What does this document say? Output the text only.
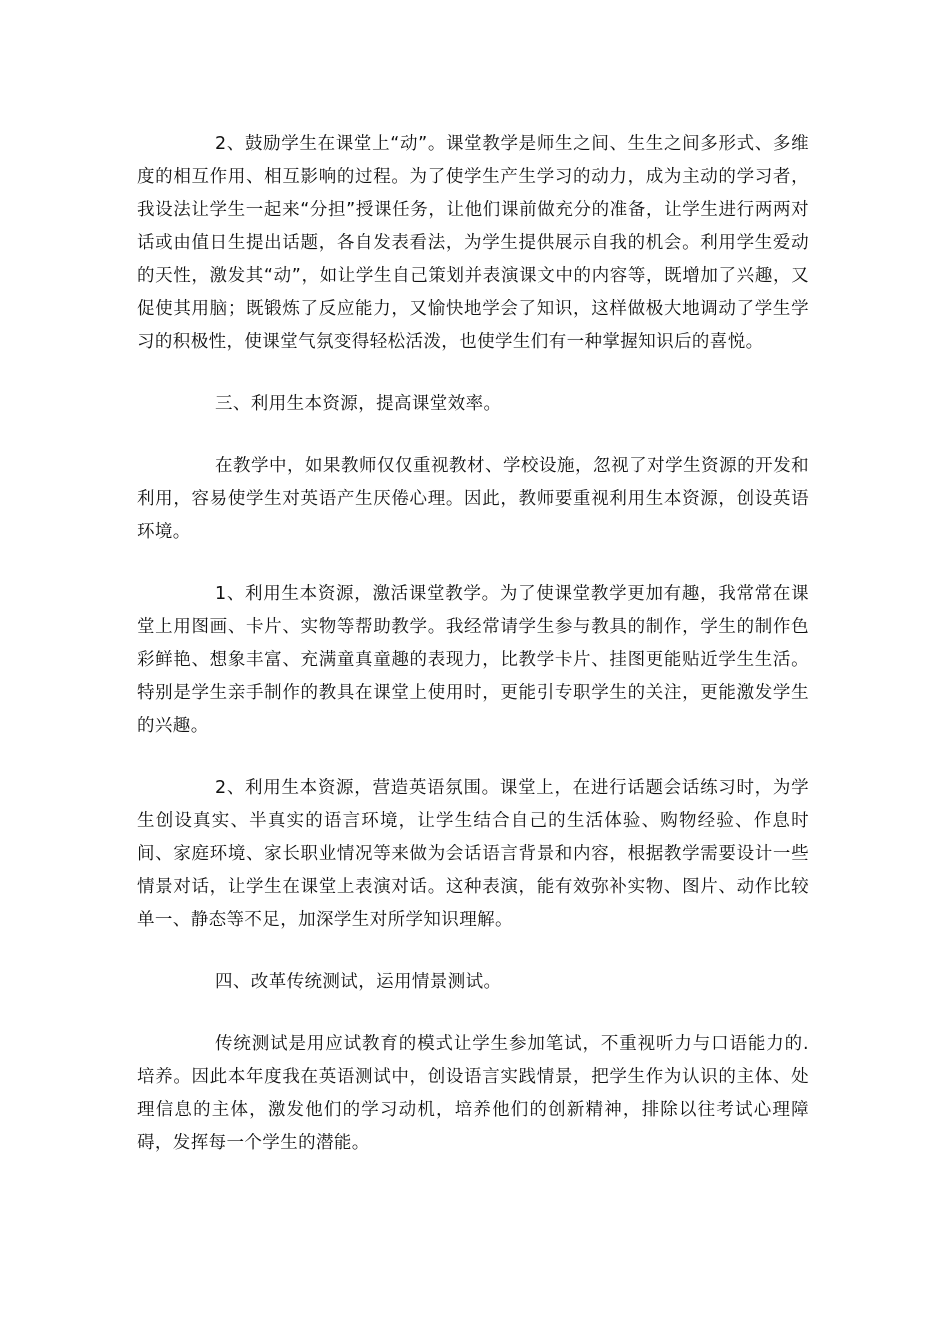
2、鼓励学生在课堂上“动”。课堂教学是师生之间、生生之间多形式、多维度的相互作用、相互影响的过程。为了使学生产生学习的动力，成为主动的学习者，我设法让学生一起来“分担”授课任务，让他们课前做充分的准备，让学生进行两两对话或由值日生提出话题，各自发表看法，为学生提供展示自我的机会。利用学生爱动的天性，激发其“动”，如让学生自己策划并表演课文中的内容等，既增加了兴趣，又促使其用脑；既锻炼了反应能力，又愉快地学会了知识，这样做极大地调动了学生学习的积极性，使课堂气氛变得轻松活泼，也使学生们有一种掌握知识后的喜悦。

三、利用生本资源，提高课堂效率。

在教学中，如果教师仅仅重视教材、学校设施，忽视了对学生资源的开发和利用，容易使学生对英语产生厌倦心理。因此，教师要重视利用生本资源，创设英语环境。

1、利用生本资源，激活课堂教学。为了使课堂教学更加有趣，我常常在课堂上用图画、卡片、实物等帮助教学。我经常请学生参与教具的制作，学生的制作色彩鲜艳、想象丰富、充满童真童趣的表现力，比教学卡片、挂图更能贴近学生生活。特别是学生亲手制作的教具在课堂上使用时，更能引专职学生的关注，更能激发学生的兴趣。

2、利用生本资源，营造英语氛围。课堂上，在进行话题会话练习时，为学生创设真实、半真实的语言环境，让学生结合自己的生活体验、购物经验、作息时间、家庭环境、家长职业情况等来做为会话语言背景和内容，根据教学需要设计一些情景对话，让学生在课堂上表演对话。这种表演，能有效弥补实物、图片、动作比较单一、静态等不足，加深学生对所学知识理解。

四、改革传统测试，运用情景测试。

传统测试是用应试教育的模式让学生参加笔试，不重视听力与口语能力的.培养。因此本年度我在英语测试中，创设语言实践情景，把学生作为认识的主体、处理信息的主体，激发他们的学习动机，培养他们的创新精神，排除以往考试心理障碍，发挥每一个学生的潜能。
